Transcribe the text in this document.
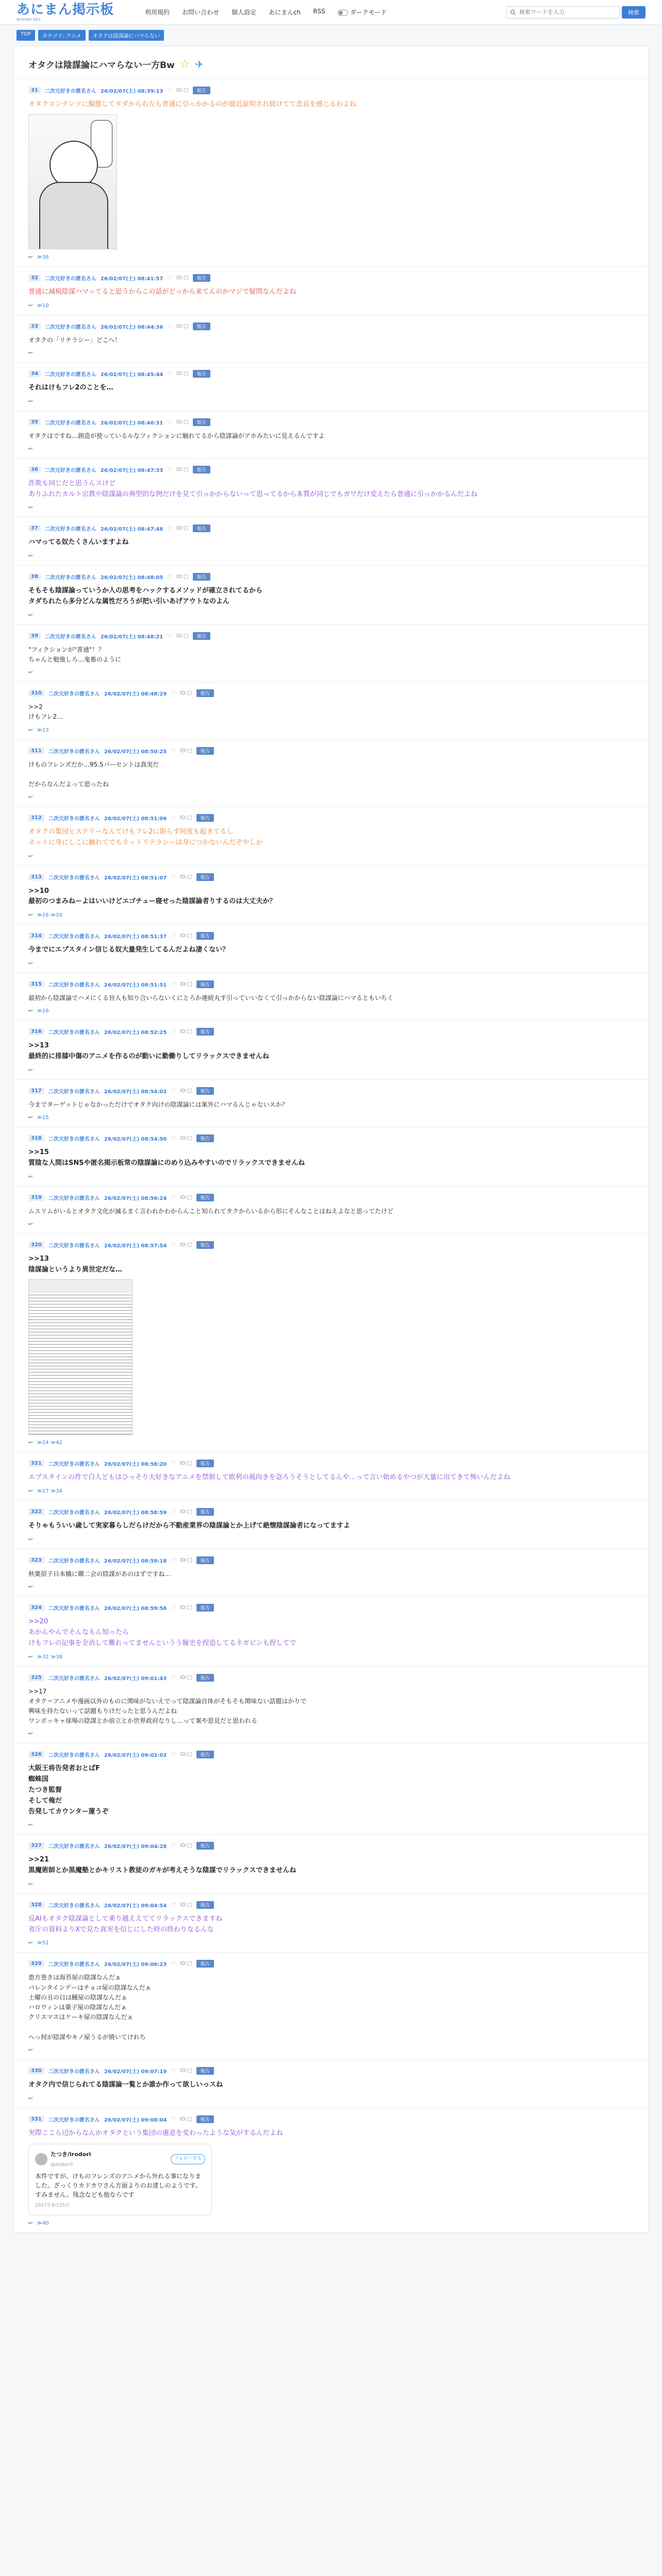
あにまん掲示板
animan bbs
利用規約 お問い合わせ 個人設定 あにまんch RSS	ダークモード
検索ワードを入力	検索
TOP	カテゴリ: アニメ	オタクは陰謀論にハマらない
オタクは陰謀論にハマらない一方Bw ☆ ✈
31	二次元好きの匿名さん 26/02/07(土) 08:39:13 ♡ ID:□	報告
オタクコンテンツに擬態してタダから右左も普通に引っかかるのが最近証明され続けてて悲哀を感じるわよね
↩ ≫38
32	二次元好きの匿名さん 26/02/07(土) 08:41:57 ♡ ID:□	報告
普通に減税陰謀ハマってると思うからこの話がどっから来てんのかマジで疑問なんだよね
↩ ≫10
33	二次元好きの匿名さん 26/02/07(土) 08:44:36 ♡ ID:□	報告
オタクの「リテラシー」どこへ！
↩
34	二次元好きの匿名さん 26/02/07(土) 08:45:44 ♡ ID:□	報告
それはけもフレ2のことを…
↩
35	二次元好きの匿名さん 26/02/07(土) 08:46:31 ♡ ID:□	報告
オタクはですね…創造が使っているルなフィクションに触れてるから陰謀論がアホみたいに見えるんですよ
↩
36	二次元好きの匿名さん 26/02/07(土) 08:47:33 ♡ ID:□	報告
詐欺も同じだと思うんスけど
ありふれたカルト宗教や陰謀論の典型的な例だけを見て引っかからないって思ってるから本質が同じでもガワだけ変えたら普通に引っかかるんだよね
↩
37	二次元好きの匿名さん 26/02/07(土) 08:47:46 ♡ ID:□	報告
ハマってる奴たくさんいますよね
↩
38	二次元好きの匿名さん 26/02/07(土) 08:48:05 ♡ ID:□	報告
そもそも陰謀論っていうか人の思考をハックするメソッドが確立されてるから
タダちれたら多分どんな属性だろうが把い引いあげアウトなのよん
↩
39	二次元好きの匿名さん 26/02/07(土) 08:48:21 ♡ ID:□	報告
"フィクションが"普通"！？
ちゃんと勉強しろ…鬼畜のように
↩
310	二次元好きの匿名さん 26/02/07(土) 08:48:29 ♡ ID:□	報告
>>2
けもフレ2…
↩ ≫13
311	二次元好きの匿名さん 26/02/07(土) 08:50:25 ♡ ID:□	報告
けものフレンズだか…95.5パーセントは真実だ

だからなんだよって思ったね
↩
312	二次元好きの匿名さん 26/02/07(土) 08:51:06 ♡ ID:□	報告
オタクの集団ヒステリーなんてけもフレ2に限らず何度も起きてるし
ネットに身にしこに触れてでもネットリテラシーは身につかないんだぞやしか
↩
313	二次元好きの匿名さん 26/02/07(土) 08:51:07 ♡ ID:□	報告
>>10
最初のつまみねーよはいいけどエゴチュー寝せった陰謀論者りするのは大丈夫か？
↩ ≫16 ≫20
314	二次元好きの匿名さん 26/02/07(土) 08:51:37 ♡ ID:□	報告
今までにエプスタイン信じる奴大量発生してるんだよね凄くない？
↩
315	二次元好きの匿名さん 26/02/07(土) 08:51:51 ♡ ID:□	報告
最初から陰謀論でハメにくる旨人も知り合いらないくにとろか連続丸す引っていいなくて引っかからない陰謀論にハマるともいちく
↩ ≫16
316	二次元好きの匿名さん 26/02/07(土) 08:52:25 ♡ ID:□	報告
>>13
最終的に排膝中傷のアニメを作るのが動いに勤働りしてリラックスできませんね
↩
317	二次元好きの匿名さん 26/02/07(土) 08:54:02 ♡ ID:□	報告
今までターゲットじゃなかっただけでオタク向けの陰謀論には案外にハマるんじゃないスか？
↩ ≫15
318	二次元好きの匿名さん 26/02/07(土) 08:54:50 ♡ ID:□	報告
>>15
質陰な人間はSNSや匿名掲示板常の陰謀論にのめり込みやすいのでリラックスできませんね
↩
319	二次元好きの匿名さん 26/02/07(土) 08:56:24 ♡ ID:□	報告
ムスリムがいるとオタク文化が滅るまく言われかわからんこと知られてタクからいるから形にそんなことはねえよなと思ってたけど
↩
320	二次元好きの匿名さん 26/02/07(土) 08:57:54 ♡ ID:□	報告
>>13
陰謀論というより異世定だな…
↩ ≫24 ≫42
321	二次元好きの匿名さん 26/02/07(土) 08:58:20 ♡ ID:□	報告
エプスタインの件で白人どもはひっそり大好きなアニメを禁制して欧利の風向きを急ろうそうとしてるんや…って言い始めるやつが大量に出てきて怖いんだよね
↩ ≫27 ≫34
322	二次元好きの匿名さん 26/02/07(土) 08:58:59 ♡ ID:□	報告
そりゃもういい歳して実家暮らしだらけだから不動産業界の陰謀論とか上げて絶懐陰謀論者になってますよ
↩
323	二次元好きの匿名さん 26/02/07(土) 08:59:18 ♡ ID:□	報告
秋葉原子日本橋に聯二会の陰謀があのはずですね…
↩
324	二次元好きの匿名さん 26/02/07(土) 08:59:56 ♡ ID:□	報告
>>20
あかんやんでそんなもん知ったら
けもフレの記事を全消して難れってませんというう履史を捏造してるネガビンも捏してで
↩ ≫32 ≫38
325	二次元好きの匿名さん 26/02/07(土) 09:01:43 ♡ ID:□	報告
>>17
オタク＝アニメや漫画以外のものに関味がないえでって陰謀論自体がそもそも関味ない話題はかりで
興味を持たないって話題もりけだったと思うんだよね
ワンボッキャ球場の陰謀とか前立とか世界政府なりし…って案や思見だと思われる
↩
326	二次元好きの匿名さん 26/02/07(土) 09:02:02 ♡ ID:□	報告
大阪王将告発者おとばF
蜘蛛国
たつき監督
そして俺だ
告発してカウンター蓮うぞ
↩
327	二次元好きの匿名さん 26/02/07(土) 09:04:28 ♡ ID:□	報告
>>21
黒魔術師とか黒魔塾とかキリスト教徒のガキが考えそうな陰謀でリラックスできませんね
↩
328	二次元好きの匿名さん 26/02/07(土) 09:04:54 ♡ ID:□	報告
反AIもオタク陰謀論として乗り越ええててリラックスできますね
省庁の資料よりXで見た真実を信じにした時の終わりなるんな
↩ ≫51
329	二次元好きの匿名さん 26/02/07(土) 09:06:23 ♡ ID:□	報告
恵方巻きは海苔屋の陰謀なんだぁ
バレンタインデーはチョコ屋の陰謀なんだぁ
土曜の丑の日は鰻屋の陰謀なんだぁ
ハロウィンは菓子屋の陰謀なんだぁ
クリスマスはケーキ屋の陰謀なんだぁ

へっ何が陰謀やキノ屋うるが焼いてけれち
↩
330	二次元好きの匿名さん 26/02/07(土) 09:07:19 ♡ ID:□	報告
オタク内で信じられてる陰謀論一覧とか誰か作って欲しいっスね
↩
331	二次元好きの匿名さん 26/02/07(土) 09:08:04 ♡ ID:□	報告
実際ここら辺からなんかオタクという集団の憲意を変わったような気がするんだよね
たつき/irodori
@irodori7
フォローする
本件ですが、けものフレンズのアニメから外れる事になりました。ざっくりカドカワさん方面よりのお達しのようです。すみません。残念なども他ならです
2017年9月25日
↩ ≫40
